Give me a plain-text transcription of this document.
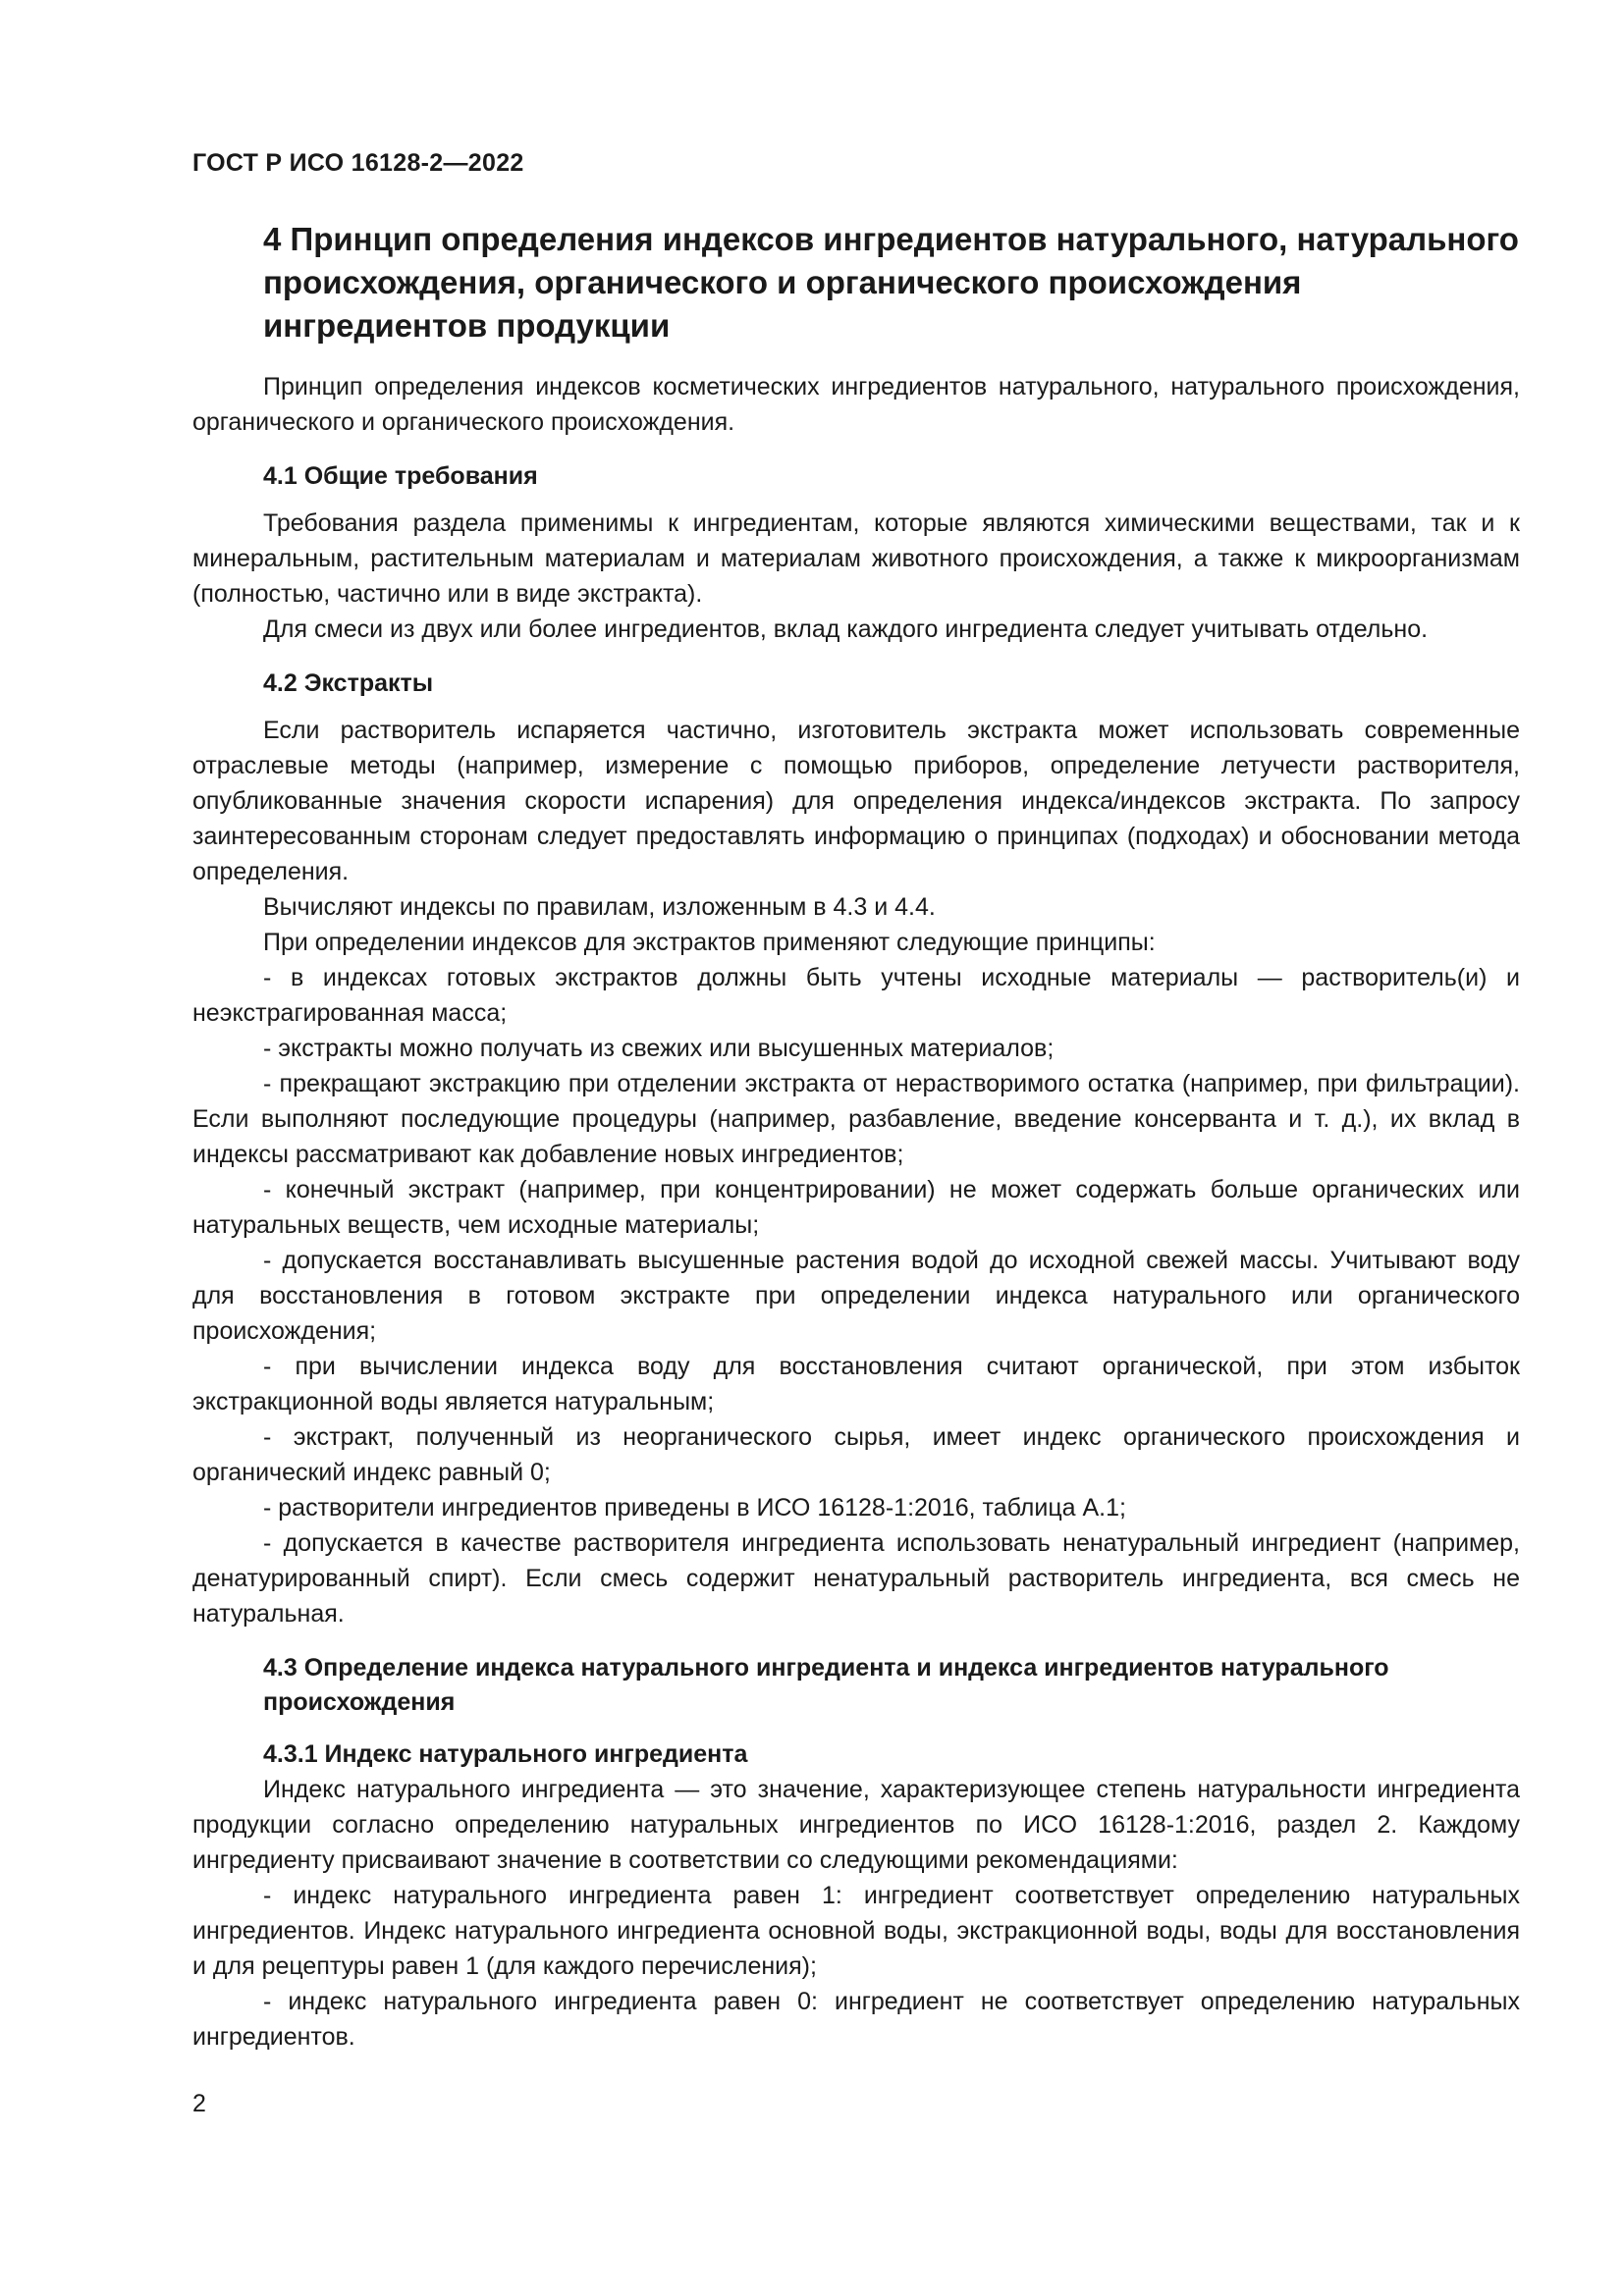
ГОСТ Р ИСО 16128-2—2022
4 Принцип определения индексов ингредиентов натурального, натурального происхождения, органического и органического происхождения ингредиентов продукции

Принцип определения индексов косметических ингредиентов натурального, натурального происхождения, органического и органического происхождения.

4.1 Общие требования

Требования раздела применимы к ингредиентам, которые являются химическими веществами, так и к минеральным, растительным материалам и материалам животного происхождения, а также к микроорганизмам (полностью, частично или в виде экстракта).

Для смеси из двух или более ингредиентов, вклад каждого ингредиента следует учитывать отдельно.

4.2 Экстракты

Если растворитель испаряется частично, изготовитель экстракта может использовать современные отраслевые методы (например, измерение с помощью приборов, определение летучести растворителя, опубликованные значения скорости испарения) для определения индекса/индексов экстракта. По запросу заинтересованным сторонам следует предоставлять информацию о принципах (подходах) и обосновании метода определения.

Вычисляют индексы по правилам, изложенным в 4.3 и 4.4.

При определении индексов для экстрактов применяют следующие принципы:

- в индексах готовых экстрактов должны быть учтены исходные материалы — растворитель(и) и неэкстрагированная масса;

- экстракты можно получать из свежих или высушенных материалов;

- прекращают экстракцию при отделении экстракта от нерастворимого остатка (например, при фильтрации). Если выполняют последующие процедуры (например, разбавление, введение консерванта и т. д.), их вклад в индексы рассматривают как добавление новых ингредиентов;

- конечный экстракт (например, при концентрировании) не может содержать больше органических или натуральных веществ, чем исходные материалы;

- допускается восстанавливать высушенные растения водой до исходной свежей массы. Учитывают воду для восстановления в готовом экстракте при определении индекса натурального или органического происхождения;

- при вычислении индекса воду для восстановления считают органической, при этом избыток экстракционной воды является натуральным;

- экстракт, полученный из неорганического сырья, имеет индекс органического происхождения и органический индекс равный 0;

- растворители ингредиентов приведены в ИСО 16128-1:2016, таблица А.1;

- допускается в качестве растворителя ингредиента использовать ненатуральный ингредиент (например, денатурированный спирт). Если смесь содержит ненатуральный растворитель ингредиента, вся смесь не натуральная.

4.3 Определение индекса натурального ингредиента и индекса ингредиентов натурального происхождения
4.3.1 Индекс натурального ингредиента

Индекс натурального ингредиента — это значение, характеризующее степень натуральности ингредиента продукции согласно определению натуральных ингредиентов по ИСО 16128-1:2016, раздел 2. Каждому ингредиенту присваивают значение в соответствии со следующими рекомендациями:

- индекс натурального ингредиента равен 1: ингредиент соответствует определению натуральных ингредиентов. Индекс натурального ингредиента основной воды, экстракционной воды, воды для восстановления и для рецептуры равен 1 (для каждого перечисления);

- индекс натурального ингредиента равен 0: ингредиент не соответствует определению натуральных ингредиентов.

2
